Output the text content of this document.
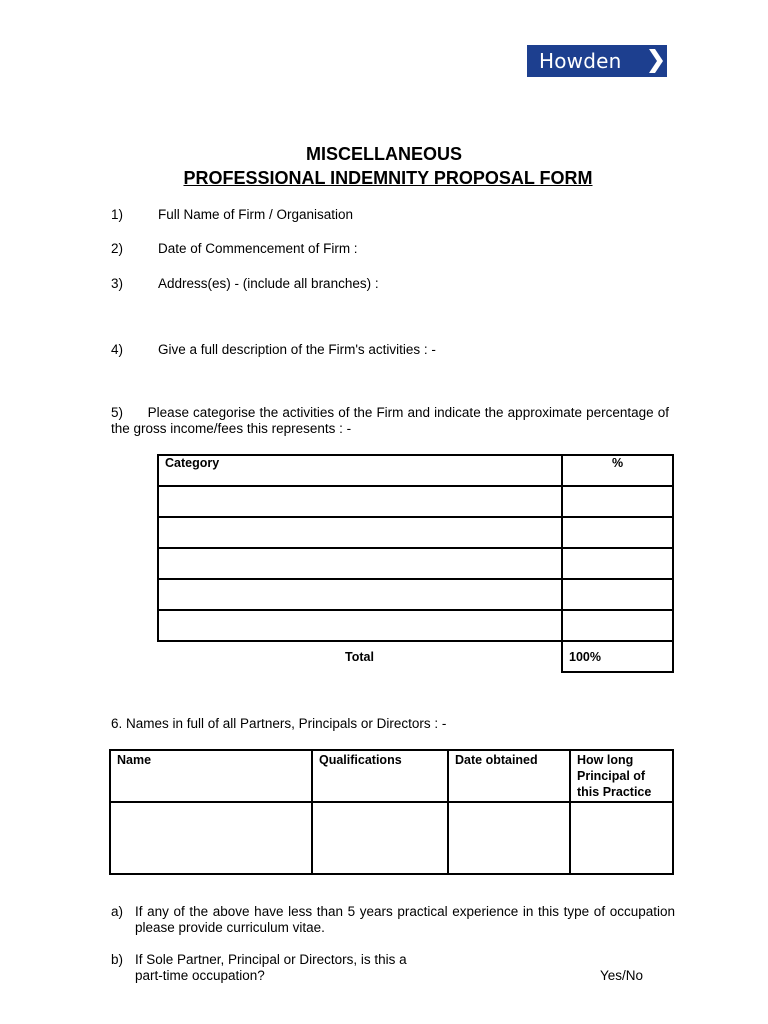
Howden
MISCELLANEOUS
PROFESSIONAL INDEMNITY PROPOSAL FORM
1)	Full Name of Firm / Organisation
2)	Date of Commencement of Firm :
3)	Address(es) - (include all branches) :
4)	Give a full description of the Firm's activities : -
5) Please categorise the activities of the Firm and indicate the approximate percentage of the gross income/fees this represents : -
Category	%

Total	100%
6. Names in full of all Partners, Principals or Directors : -
Name	Qualifications	Date obtained	How long Principal of this Practice

a) If any of the above have less than 5 years practical experience in this type of occupation please provide curriculum vitae.
b) If Sole Partner, Principal or Directors, is this a
part-time occupation?	Yes/No
